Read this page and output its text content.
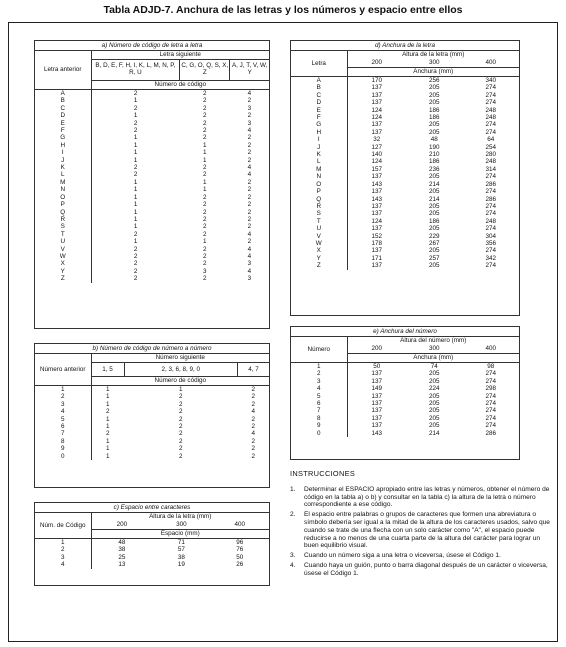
Tabla ADJD-7. Anchura de las letras y los números y espacio entre ellos
a) Número de código de letra a letra
Letra anterior	Letra siguiente		
	B, D, E, F, H, I, K, L, M, N, P, R, U	C, G, O, Q, S, X, Z	A, J, T, V, W, Y
	Número de código		
A	2	2	4
B	1	2	2
C	2	2	3
D	1	2	2
E	2	2	3
F	2	2	4
G	1	2	2
H	1	1	2
I	1	1	2
J	1	1	2
K	2	2	4
L	2	2	4
M	1	1	2
N	1	1	2
O	1	2	2
P	1	2	2
Q	1	2	2
R	1	2	2
S	1	2	2
T	2	2	4
U	1	1	2
V	2	2	4
W	2	2	4
X	2	2	3
Y	2	3	4
Z	2	2	3
b) Número de código de número a número
Número anterior	Número siguiente		
	1, 5	2, 3, 6, 8, 9, 0	4, 7
	Número de código		
1	1	1	2
2	1	2	2
3	1	2	2
4	2	2	4
5	1	2	2
6	1	2	2
7	2	2	4
8	1	2	2
9	1	2	2
0	1	2	2
c) Espacio entre caracteres
Núm. de Código	Altura de la letra (mm)		
	200	300	400
	Espacio (mm)		
1	48	71	96
2	38	57	76
3	25	38	50
4	13	19	26
d) Anchura de la letra
Letra	Altura de la letra (mm)		
	200	300	400
	Anchura (mm)		
A	170	256	340
B	137	205	274
C	137	205	274
D	137	205	274
E	124	186	248
F	124	186	248
G	137	205	274
H	137	205	274
I	32	48	64
J	127	190	254
K	140	210	280
L	124	186	248
M	157	236	314
N	137	205	274
O	143	214	286
P	137	205	274
Q	143	214	286
R	137	205	274
S	137	205	274
T	124	186	248
U	137	205	274
V	152	229	304
W	178	267	356
X	137	205	274
Y	171	257	342
Z	137	205	274
e) Anchura del número
Número	Altura del número (mm)		
	200	300	400
	Anchura (mm)		
1	50	74	98
2	137	205	274
3	137	205	274
4	149	224	298
5	137	205	274
6	137	205	274
7	137	205	274
8	137	205	274
9	137	205	274
0	143	214	286
INSTRUCCIONES
1.	Determinar el ESPACIO apropiado entre las letras y números, obtener el número de código en la tabla a) o b) y consultar en la tabla c) la altura de la letra o número correspondiente a ese código.
2.	El espacio entre palabras o grupos de caracteres que formen una abreviatura o símbolo debería ser igual a la mitad de la altura de los caracteres usados, salvo que cuando se trate de una flecha con un solo carácter como "A", el espacio puede reducirse a no menos de una cuarta parte de la altura del carácter para lograr un buen equilibrio visual.
3.	Cuando un número siga a una letra o viceversa, úsese el Código 1.
4.	Cuando haya un guión, punto o barra diagonal después de un carácter o viceversa, úsese el Código 1.
